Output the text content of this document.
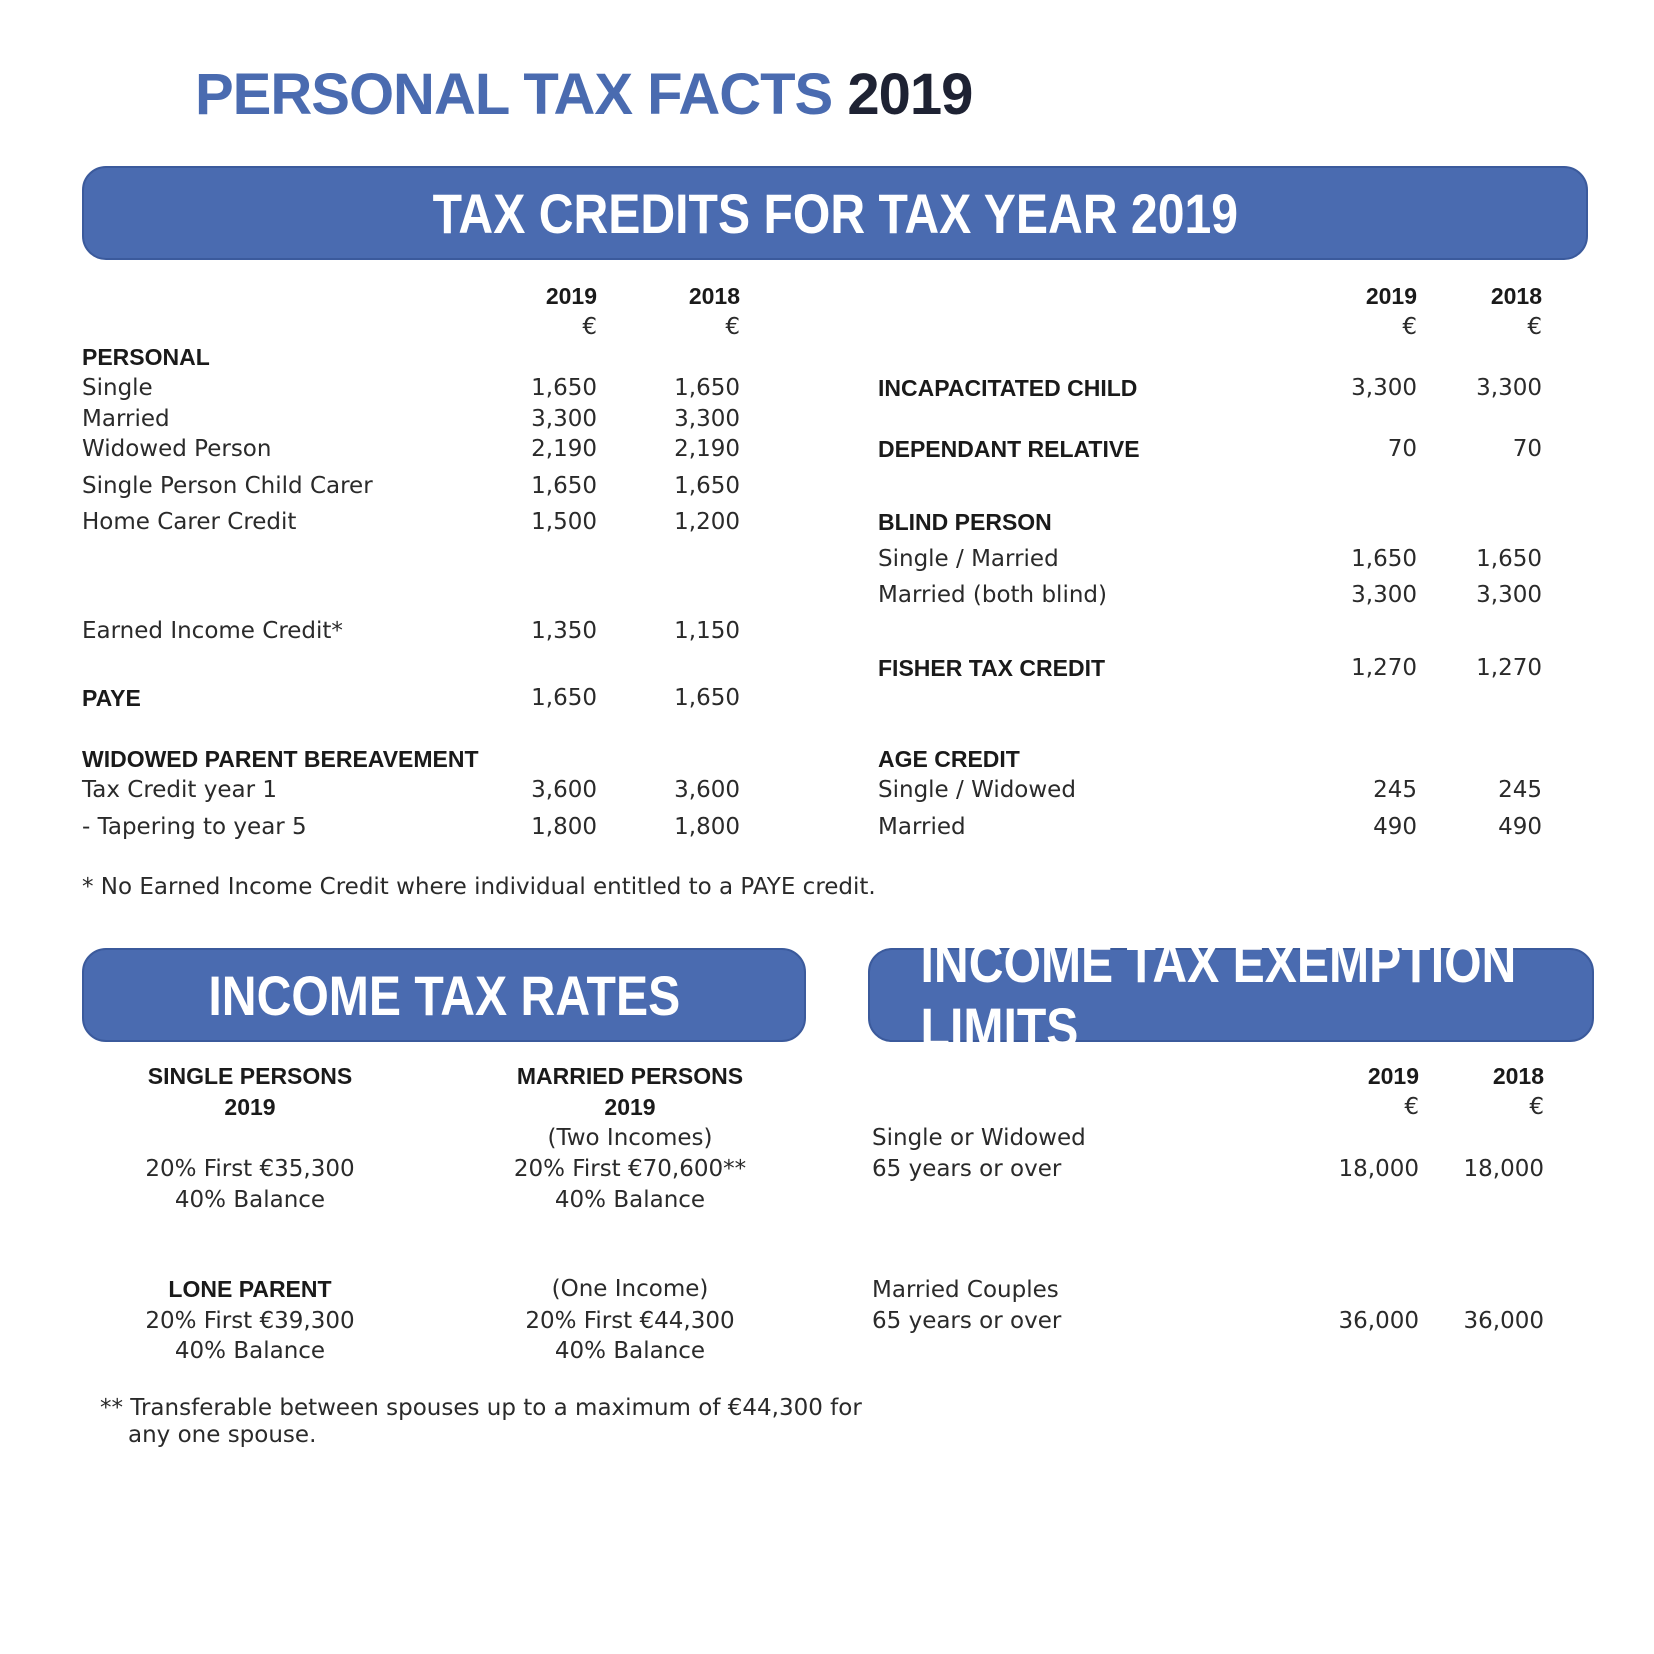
PERSONAL TAX FACTS 2019
TAX CREDITS FOR TAX YEAR 2019
2019
€
2018
€
2019
€
2018
€
PERSONAL
Single	1,650	1,650
Married	3,300	3,300
Widowed Person	2,190	2,190
Single Person Child Carer	1,650	1,650
Home Carer Credit	1,500	1,200
Earned Income Credit*	1,350	1,150
PAYE	1,650	1,650
WIDOWED PARENT BEREAVEMENT
Tax Credit year 1	3,600	3,600
- Tapering to year 5	1,800	1,800
* No Earned Income Credit where individual entitled to a PAYE credit.
INCAPACITATED CHILD	3,300	3,300
DEPENDANT RELATIVE	70	70
BLIND PERSON
Single / Married	1,650	1,650
Married (both blind)	3,300	3,300
FISHER TAX CREDIT	1,270	1,270
AGE CREDIT
Single / Widowed	245	245
Married	490	490
INCOME TAX RATES
SINGLE PERSONS
2019
20% First €35,300
40% Balance
MARRIED PERSONS
2019
(Two Incomes)
20% First €70,600**
40% Balance
LONE PARENT
20% First €39,300
40% Balance
(One Income)
20% First €44,300
40% Balance
** Transferable between spouses up to a maximum of €44,300 for
any one spouse.
INCOME TAX EXEMPTION LIMITS
2019
€
2018
€
Single or Widowed
65 years or over	18,000	18,000
Married Couples
65 years or over	36,000	36,000
